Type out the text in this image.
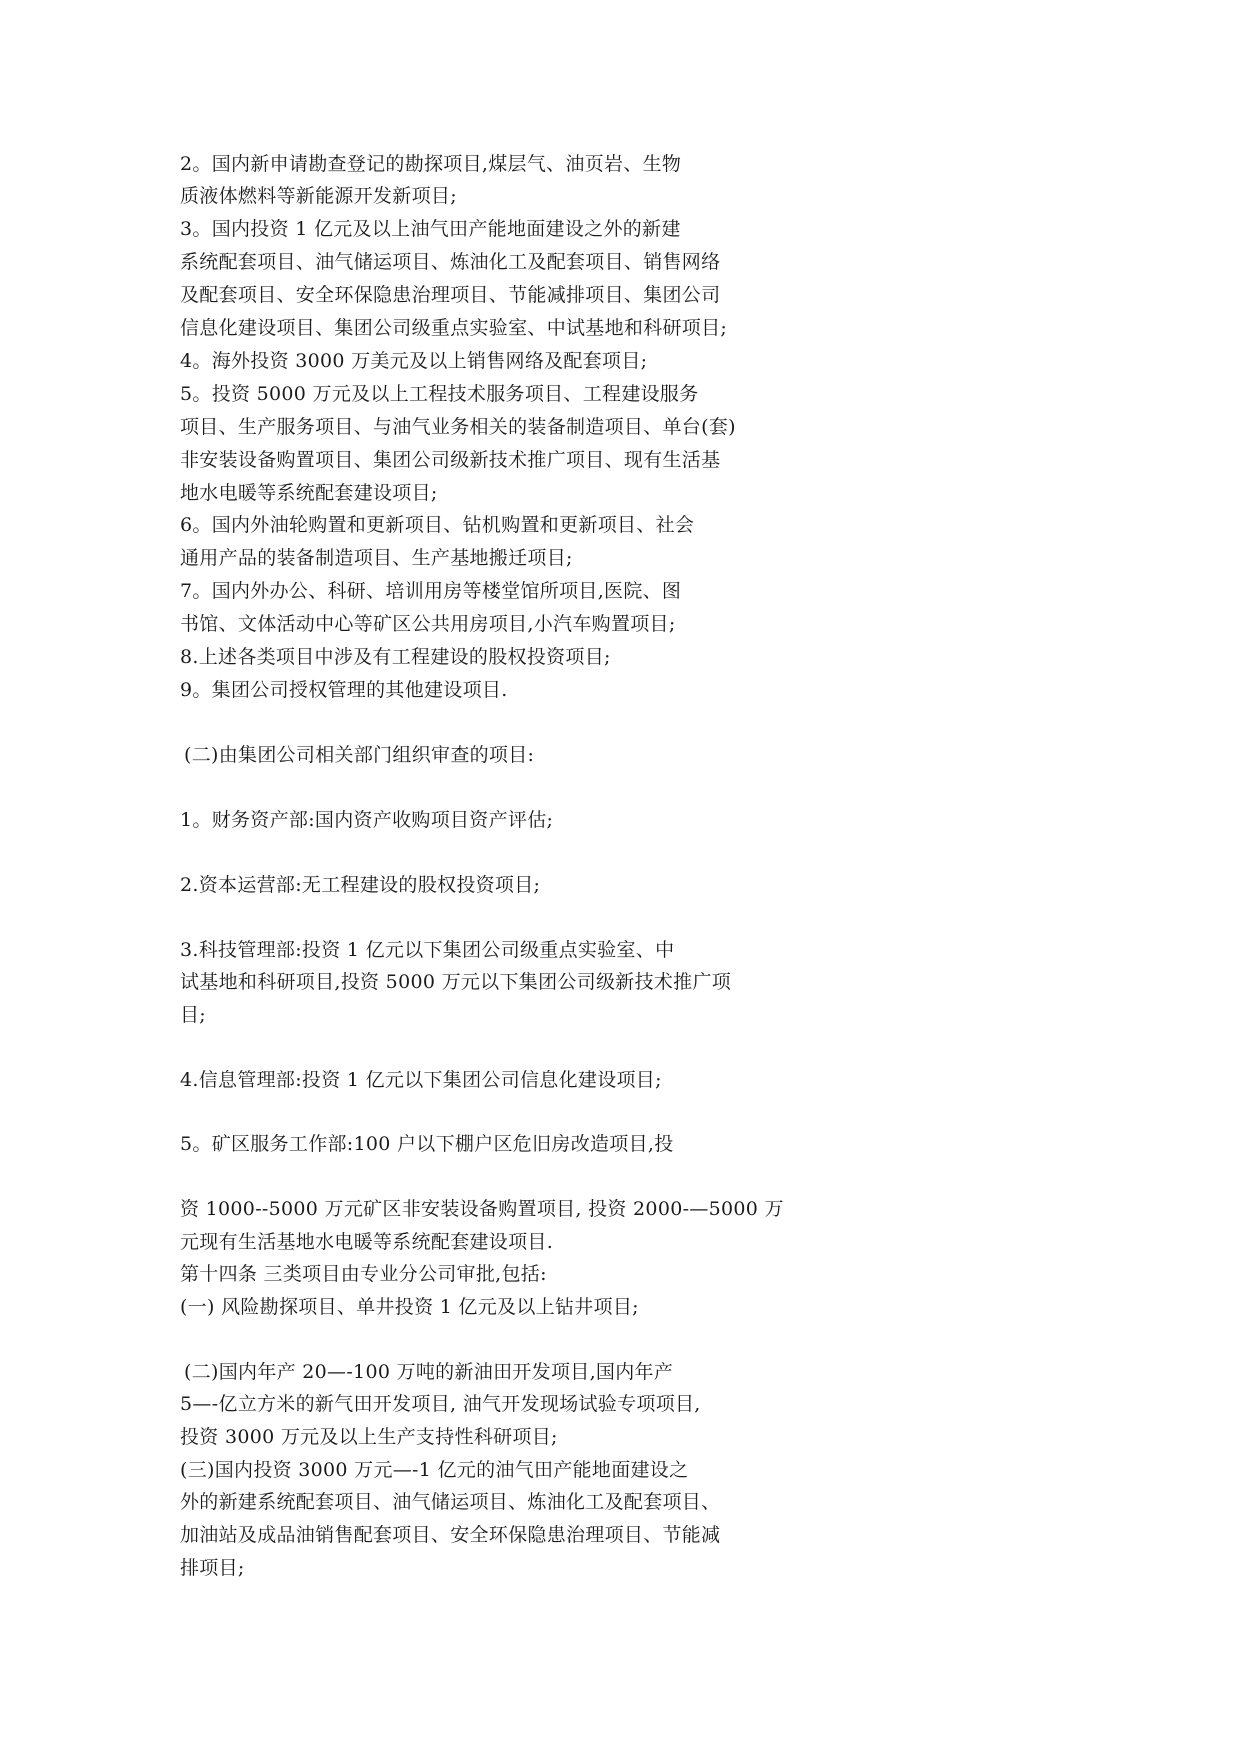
2。国内新申请勘查登记的勘探项目,煤层气、油页岩、生物

质液体燃料等新能源开发新项目;

3。国内投资 1 亿元及以上油气田产能地面建设之外的新建

系统配套项目、油气储运项目、炼油化工及配套项目、销售网络

及配套项目、安全环保隐患治理项目、节能减排项目、集团公司

信息化建设项目、集团公司级重点实验室、中试基地和科研项目;

4。海外投资 3000 万美元及以上销售网络及配套项目;

5。投资 5000 万元及以上工程技术服务项目、工程建设服务

项目、生产服务项目、与油气业务相关的装备制造项目、单台(套)

非安装设备购置项目、集团公司级新技术推广项目、现有生活基

地水电暖等系统配套建设项目;

6。国内外油轮购置和更新项目、钻机购置和更新项目、社会

通用产品的装备制造项目、生产基地搬迁项目;

7。国内外办公、科研、培训用房等楼堂馆所项目,医院、图

书馆、文体活动中心等矿区公共用房项目,小汽车购置项目;

8.上述各类项目中涉及有工程建设的股权投资项目;

9。集团公司授权管理的其他建设项目.

(二)由集团公司相关部门组织审查的项目:

1。财务资产部:国内资产收购项目资产评估;

2.资本运营部:无工程建设的股权投资项目;

3.科技管理部:投资 1 亿元以下集团公司级重点实验室、中

试基地和科研项目,投资 5000 万元以下集团公司级新技术推广项

目;

4.信息管理部:投资 1 亿元以下集团公司信息化建设项目;

5。矿区服务工作部:100 户以下棚户区危旧房改造项目,投

资 1000--5000 万元矿区非安装设备购置项目, 投资 2000-—5000 万

元现有生活基地水电暖等系统配套建设项目.

第十四条 三类项目由专业分公司审批,包括:

(一) 风险勘探项目、单井投资 1 亿元及以上钻井项目;

(二)国内年产 20—-100 万吨的新油田开发项目,国内年产

5—-亿立方米的新气田开发项目, 油气开发现场试验专项项目,

投资 3000 万元及以上生产支持性科研项目;

(三)国内投资 3000 万元—-1 亿元的油气田产能地面建设之

外的新建系统配套项目、油气储运项目、炼油化工及配套项目、

加油站及成品油销售配套项目、安全环保隐患治理项目、节能减

排项目;
